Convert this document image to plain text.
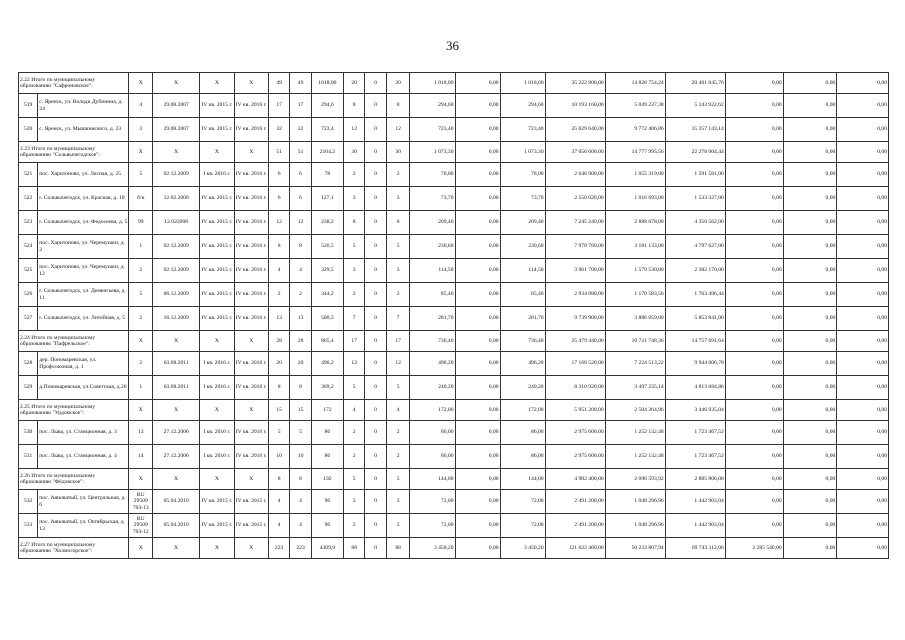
36
2.22 Итого по муниципальному образованию "Сафроновское":		X	X	X	X	49	49	1018,00	20	0	20	1 018,00	0,00	1 018,00	35 222 800,00	14 828 754,24	20 401 045,76	0,00	0,00	0,00
519	с. Яренск, ул. Володи Дубинина, д. 24	4	29.08.2007	IV кв. 2015 г.	IV кв. 2016 г.	17	17	294,6	8	0	8	294,60	0,00	294,60	10 193 160,00	5 049 237,38	5 143 922,62	0,00	0,00	0,00
520	с. Яренск, ул. Мышкинского, д. 23	3	29.08.2007	IV кв. 2015 г.	IV кв. 2016 г.	32	32	723,4	12	0	12	723,40	0,00	723,40	25 029 640,00	9 772 406,86	15 257 143,14	0,00	0,00	0,00
2.23 Итого по муниципальному образованию "Сольвычегодское":		X	X	X	X	51	51	2164,2	30	0	30	1 073,30	0,00	1 073,30	37 056 600,00	14 777 995,56	22 278 604,44	0,00	0,00	0,00
521	пос. Харитоново, ул. Лесная, д. 25	5	02.12.2009	I кв. 2016 г.	IV кв. 2016 г.	6	6	78	2	0	2	78,00	0,00	78,00	2 646 900,00	1 055 319,00	1 591 581,00	0,00	0,00	0,00
522	г. Сольвычегодск, ул. Красная, д. 10	б/н	12.02.2008	IV кв. 2015 г.	IV кв. 2016 г.	6	6	127,1	3	0	3	73,70	0,00	73,70	2 550 020,00	1 016 693,00	1 533 327,00	0,00	0,00	0,00
523	г. Сольвычегодск, ул. Федосеева, д. 5	99	12.022008	IV кв. 2015 г.	IV кв. 2016 г.	12	12	238,2	8	0	8	209,40	0,00	209,40	7 245 240,00	2 888 678,00	4 356 562,00	0,00	0,00	0,00
524	пос. Харитоново, ул. Черемушки, д. 2	1	02.12.2009	IV кв. 2015 г.	IV кв. 2016 г.	8	8	526,5	5	0	5	230,60	0,00	230,60	7 978 760,00	3 181 133,00	4 797 627,00	0,00	0,00	0,00
525	пос. Харитоново, ул. Черемушки, д. 12	2	02.12.2009	IV кв. 2015 г.	IV кв. 2016 г.	4	4	329,5	3	0	3	114,50	0,00	114,50	3 961 700,00	1 579 530,00	2 382 170,00	0,00	0,00	0,00
526	г. Сольвычегодск, ул. Деменгьева, д. 11	5	06.12.2009	IV кв. 2015 г.	IV кв. 2016 г.	2	2	344,2	2	0	2	85,40	0,00	85,40	2 934 080,00	1 170 583,56	1 763 496,44	0,00	0,00	0,00
527	г. Сольвычегодск, ул. Литейная, д. 5	2	16.12.2009	IV кв. 2015 г.	IV кв. 2016 г.	13	13	500,5	7	0	7	281,70	0,00	281,70	9 739 900,00	3 886 059,00	5 853 841,00	0,00	0,00	0,00
2.24 Итого по муниципальному образованию "Пафрельское":		X	X	X	X	28	28	865,4	17	0	17	736,40	0,00	736,40	25 479 440,00	10 721 748,36	14 757 691,64	0,00	0,00	0,00
528	дер. Пономаревская, ул. Профсоюзная, д. 1	2	03.08.2011	I кв. 2016 г.	IV кв. 2016 г.	20	20	496,2	12	0	12	496,20	0,00	496,20	17 168 520,00	7 224 513,22	9 944 006,78	0,00	0,00	0,00
529	д.Пономаревская, ул.Советская, д.26	1	03.08.2011	I кв. 2016 г.	IV кв. 2016 г.	8	8	369,2	5	0	5	240,20	0,00	240,20	8 310 920,00	3 497 235,14	4 813 684,86	0,00	0,00	0,00
2.25 Итого по муниципальному образованию "Урдомское":		X	X	X	X	15	15	172	4	0	4	172,00	0,00	172,00	5 951 200,00	2 504 264,96	3 446 935,04	0,00	0,00	0,00
530	пос. Лыва, ул. Станционная, д. 3	13	27.12.2006	I кв. 2016 г.	IV кв. 2016 г.	5	5	86	2	0	2	86,00	0,00	86,00	2 975 600,00	1 252 132,48	1 723 467,52	0,00	0,00	0,00
531	пос. Лыва, ул. Станционная, д. 4	14	27.12.2006	I кв. 2016 г.	IV кв. 2016 г.	10	10	86	2	0	2	86,00	0,00	86,00	2 975 600,00	1 252 132,48	1 723 467,52	0,00	0,00	0,00
2.26 Итого по муниципальному образованию "Фёдовское":		X	X	X	X	8	8	192	5	0	5	144,00	0,00	144,00	4 982 400,00	2 096 593,92	2 885 806,08	0,00	0,00	0,00
532	пос. Аяноватый, ул. Центральная, д. 6	RU 29509 703-13	05.04.2010	IV кв. 2015 г.	IV кв. 2015 г.	4	4	96	3	0	3	72,00	0,00	72,00	2 491 200,00	1 048 296,96	1 442 903,04	0,00	0,00	0,00
533	пос. Аяноватый, ул. Октябрьская, д. 13	RU 29509 703-12	05.04.2010	IV кв. 2015 г.	IV кв. 2015 г.	4	4	96	2	0	2	72,00	0,00	72,00	2 491 200,00	1 048 296,96	1 442 903,04	0,00	0,00	0,00
2.27 Итого по муниципальному образованию "Холмогорское":		X	X	X	X	223	223	4309,9	88	0	88	3 450,20	0,00	3 450,20	121 622 460,00	50 233 807,94	69 743 112,06	2 285 540,00	0,00	0,00
